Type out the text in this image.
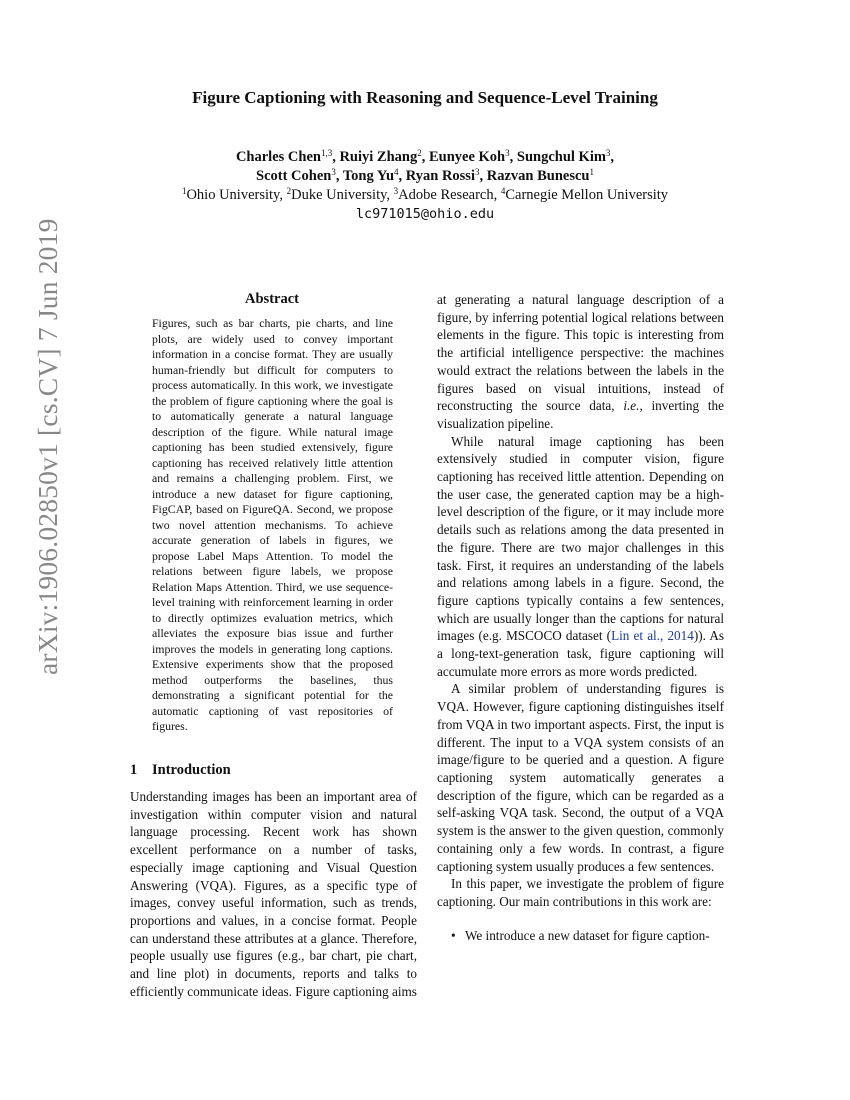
arXiv:1906.02850v1 [cs.CV] 7 Jun 2019
Figure Captioning with Reasoning and Sequence-Level Training
Charles Chen$^{1,3}$, Ruiyi Zhang$^2$, Eunyee Koh$^3$, Sungchul Kim$^3$,
Scott Cohen$^3$, Tong Yu$^4$, Ryan Rossi$^3$, Razvan Bunescu$^1$
$^1$Ohio University, $^2$Duke University, $^3$Adobe Research, $^4$Carnegie Mellon University
lc971015@ohio.edu
Abstract

Figures, such as bar charts, pie charts, and line plots, are widely used to convey important information in a concise format. They are usually human-friendly but difficult for computers to process automatically. In this work, we investigate the problem of figure captioning where the goal is to automatically generate a natural language description of the figure. While natural image captioning has been studied extensively, figure captioning has received relatively little attention and remains a challenging problem. First, we introduce a new dataset for figure captioning, FigCAP, based on FigureQA. Second, we propose two novel attention mechanisms. To achieve accurate generation of labels in figures, we propose Label Maps Attention. To model the relations between figure labels, we propose Relation Maps Attention. Third, we use sequence-level training with reinforcement learning in order to directly optimizes evaluation metrics, which alleviates the exposure bias issue and further improves the models in generating long captions. Extensive experiments show that the proposed method outperforms the baselines, thus demonstrating a significant potential for the automatic captioning of vast repositories of figures.

1 Introduction

Understanding images has been an important area of investigation within computer vision and natural language processing. Recent work has shown excellent performance on a number of tasks, especially image captioning and Visual Question Answering (VQA). Figures, as a specific type of images, convey useful information, such as trends, proportions and values, in a concise format. People can understand these attributes at a glance. Therefore, people usually use figures (e.g., bar chart, pie chart, and line plot) in documents, reports and talks to efficiently communicate ideas. Figure captioning aims

at generating a natural language description of a figure, by inferring potential logical relations between elements in the figure. This topic is interesting from the artificial intelligence perspective: the machines would extract the relations between the labels in the figures based on visual intuitions, instead of reconstructing the source data, i.e., inverting the visualization pipeline.

While natural image captioning has been extensively studied in computer vision, figure captioning has received little attention. Depending on the user case, the generated caption may be a high-level description of the figure, or it may include more details such as relations among the data presented in the figure. There are two major challenges in this task. First, it requires an understanding of the labels and relations among labels in a figure. Second, the figure captions typically contains a few sentences, which are usually longer than the captions for natural images (e.g. MSCOCO dataset (Lin et al., 2014)). As a long-text-generation task, figure captioning will accumulate more errors as more words predicted.

A similar problem of understanding figures is VQA. However, figure captioning distinguishes itself from VQA in two important aspects. First, the input is different. The input to a VQA system consists of an image/figure to be queried and a question. A figure captioning system automatically generates a description of the figure, which can be regarded as a self-asking VQA task. Second, the output of a VQA system is the answer to the given question, commonly containing only a few words. In contrast, a figure captioning system usually produces a few sentences.

In this paper, we investigate the problem of figure captioning. Our main contributions in this work are:

• We introduce a new dataset for figure caption-
